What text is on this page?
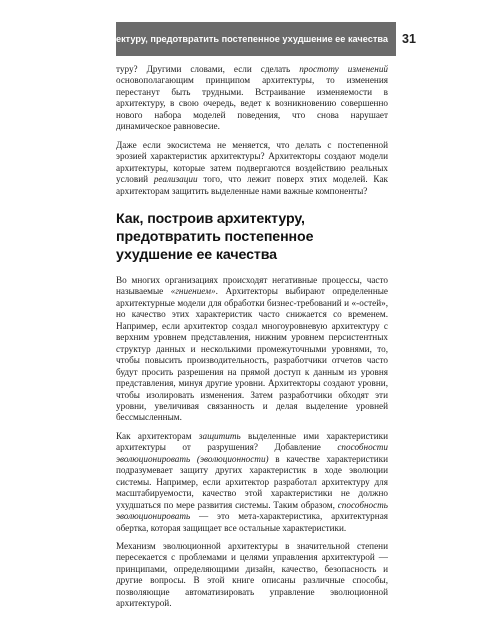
Как, построив архитектуру, предотвратить постепенное ухудшение ее качества 31

туру? Другими словами, если сделать простоту изменений основополагающим принципом архитектуры, то изменения перестанут быть трудными. Встраивание изменяемости в архитектуру, в свою очередь, ведет к возникновению совершенно нового набора моделей поведения, что снова нарушает динамическое равновесие.

Даже если экосистема не меняется, что делать с постепенной эрозией характеристик архитектуры? Архитекторы создают модели архитектуры, которые затем подвергаются воздействию реальных условий реализации того, что лежит поверх этих моделей. Как архитекторам защитить выделенные нами важные компоненты?

Как, построив архитектуру, предотвратить постепенное ухудшение ее качества

Во многих организациях происходят негативные процессы, часто называемые «гниением». Архитекторы выбирают определенные архитектурные модели для обработки бизнес-требований и «-остей», но качество этих характеристик часто снижается со временем. Например, если архитектор создал многоуровневую архитектуру с верхним уровнем представления, нижним уровнем персистентных структур данных и несколькими промежуточными уровнями, то, чтобы повысить производительность, разработчики отчетов часто будут просить разрешения на прямой доступ к данным из уровня представления, минуя другие уровни. Архитекторы создают уровни, чтобы изолировать изменения. Затем разработчики обходят эти уровни, увеличивая связанность и делая выделение уровней бессмысленным.

Как архитекторам защитить выделенные ими характеристики архитектуры от разрушения? Добавление способности эволюционировать (эволюционности) в качестве характеристики подразумевает защиту других характеристик в ходе эволюции системы. Например, если архитектор разработал архитектуру для масштабируемости, качество этой характеристики не должно ухудшаться по мере развития системы. Таким образом, способность эволюционировать — это мета-характеристика, архитектурная обертка, которая защищает все остальные характеристики.

Механизм эволюционной архитектуры в значительной степени пересекается с проблемами и целями управления архитектурой — принципами, определяющими дизайн, качество, безопасность и другие вопросы. В этой книге описаны различные способы, позволяющие автоматизировать управление эволюционной архитектурой.
